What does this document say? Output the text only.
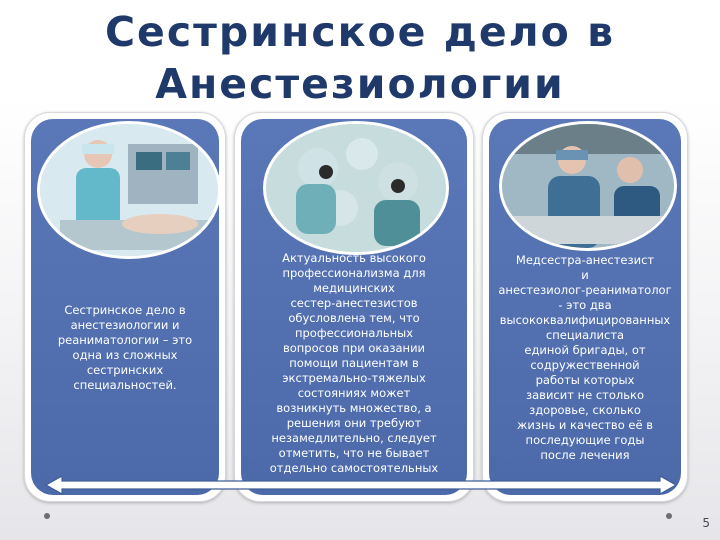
Сестринское дело в
Анестезиологии
Сестринское дело в
анестезиологии и
реаниматологии – это
одна из сложных
сестринских
специальностей.
Актуальность высокого
профессионализма для
медицинских
сестер-анестезистов
обусловлена тем, что
профессиональных
вопросов при оказании
помощи пациентам в
экстремально-тяжелых
состояниях может
возникнуть множество, а
решения они требуют
незамедлительно, следует
отметить, что не бывает
отдельно самостоятельных

Медсестра-анестезист
и
анестезиолог-реаниматолог
- это два
высококвалифицированных
специалиста
единой бригады, от
содружественной
работы которых
зависит не столько
здоровье, сколько
жизнь и качество её в
последующие годы
после лечения
5
